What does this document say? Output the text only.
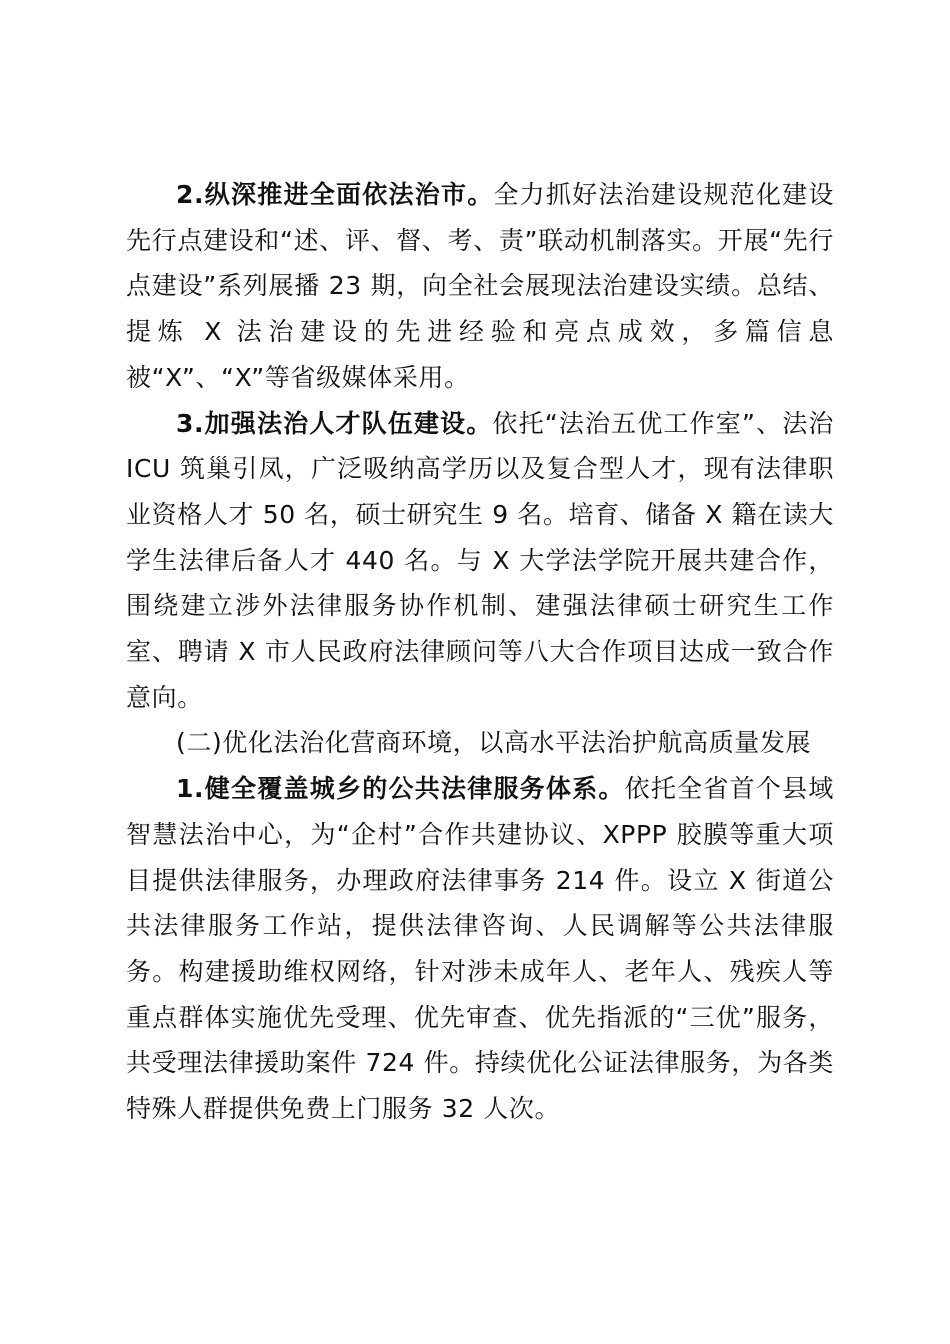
2.纵深推进全面依法治市。全力抓好法治建设规范化建设先行点建设和“述、评、督、考、责”联动机制落实。开展“先行点建设”系列展播 23 期，向全社会展现法治建设实绩。总结、提炼 X 法治建设的先进经验和亮点成效，多篇信息被“X”、“X”等省级媒体采用。

3.加强法治人才队伍建设。依托“法治五优工作室”、法治 ICU 筑巢引凤，广泛吸纳高学历以及复合型人才，现有法律职业资格人才 50 名，硕士研究生 9 名。培育、储备 X 籍在读大学生法律后备人才 440 名。与 X 大学法学院开展共建合作，围绕建立涉外法律服务协作机制、建强法律硕士研究生工作室、聘请 X 市人民政府法律顾问等八大合作项目达成一致合作意向。

(二)优化法治化营商环境，以高水平法治护航高质量发展

1.健全覆盖城乡的公共法律服务体系。依托全省首个县域智慧法治中心，为“企村”合作共建协议、XPPP 胶膜等重大项目提供法律服务，办理政府法律事务 214 件。设立 X 街道公共法律服务工作站，提供法律咨询、人民调解等公共法律服务。构建援助维权网络，针对涉未成年人、老年人、残疾人等重点群体实施优先受理、优先审查、优先指派的“三优”服务，共受理法律援助案件 724 件。持续优化公证法律服务，为各类特殊人群提供免费上门服务 32 人次。
